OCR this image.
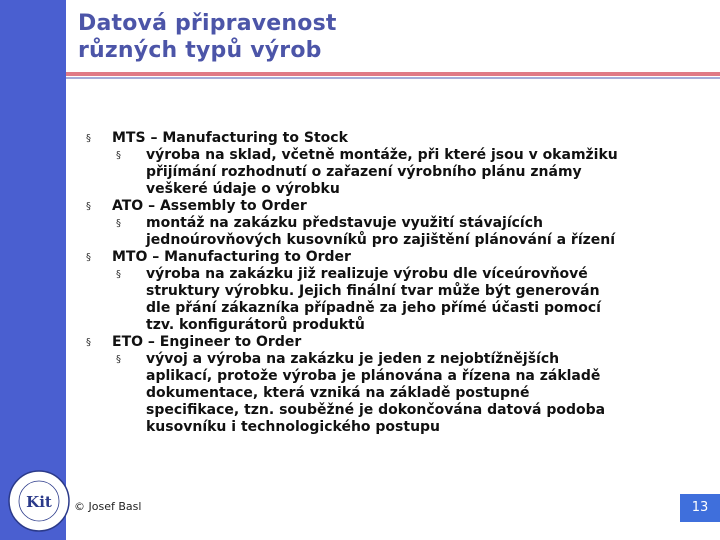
Datová připravenost
různých typů výrob
§ MTS – Manufacturing to Stock
§ výroba na sklad, včetně montáže, při které jsou v okamžiku přijímání rozhodnutí o zařazení výrobního plánu známy veškeré údaje o výrobku
§ ATO – Assembly to Order
§ montáž na zakázku představuje využití stávajících jednoúrovňových kusovníků pro zajištění plánování a řízení
§ MTO – Manufacturing to Order
§ výroba na zakázku již realizuje výrobu dle víceúrovňové struktury výrobku. Jejich finální tvar může být generován dle přání zákazníka případně za jeho přímé účasti pomocí tzv. konfigurátorů produktů
§ ETO – Engineer to Order
§ vývoj a výroba na zakázku je jeden z nejobtížnějších aplikací, protože výroba je plánována a řízena na základě dokumentace, která vzniká na základě postupné specifikace, tzn. souběžné je dokončována datová podoba kusovníku i technologického postupu
Kit © Josef Basl	13
